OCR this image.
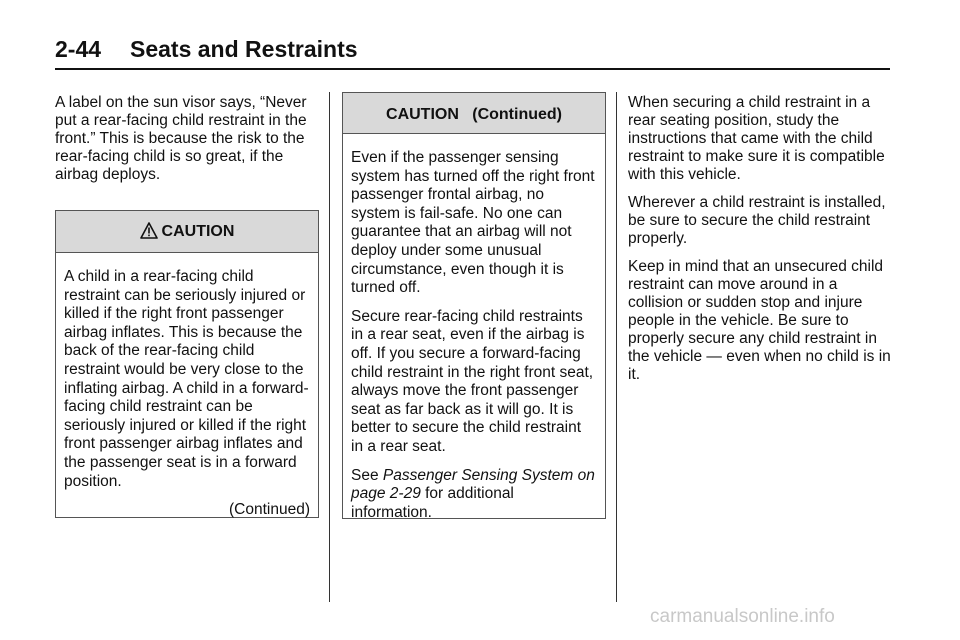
2-44 Seats and Restraints

A label on the sun visor says, “Never put a rear-facing child restraint in the front.” This is because the risk to the rear-facing child is so great, if the airbag deploys.

CAUTION

A child in a rear-facing child restraint can be seriously injured or killed if the right front passenger airbag inflates. This is because the back of the rear-facing child restraint would be very close to the inflating airbag. A child in a forward-facing child restraint can be seriously injured or killed if the right front passenger airbag inflates and the passenger seat is in a forward position.

(Continued)
CAUTION   (Continued)

Even if the passenger sensing system has turned off the right front passenger frontal airbag, no system is fail-safe. No one can guarantee that an airbag will not deploy under some unusual circumstance, even though it is turned off.

Secure rear-facing child restraints in a rear seat, even if the airbag is off. If you secure a forward-facing child restraint in the right front seat, always move the front passenger seat as far back as it will go. It is better to secure the child restraint in a rear seat.

See Passenger Sensing System on page 2-29 for additional information.

When securing a child restraint in a rear seating position, study the instructions that came with the child restraint to make sure it is compatible with this vehicle.

Wherever a child restraint is installed, be sure to secure the child restraint properly.

Keep in mind that an unsecured child restraint can move around in a collision or sudden stop and injure people in the vehicle. Be sure to properly secure any child restraint in the vehicle — even when no child is in it.

carmanualsonline.info
